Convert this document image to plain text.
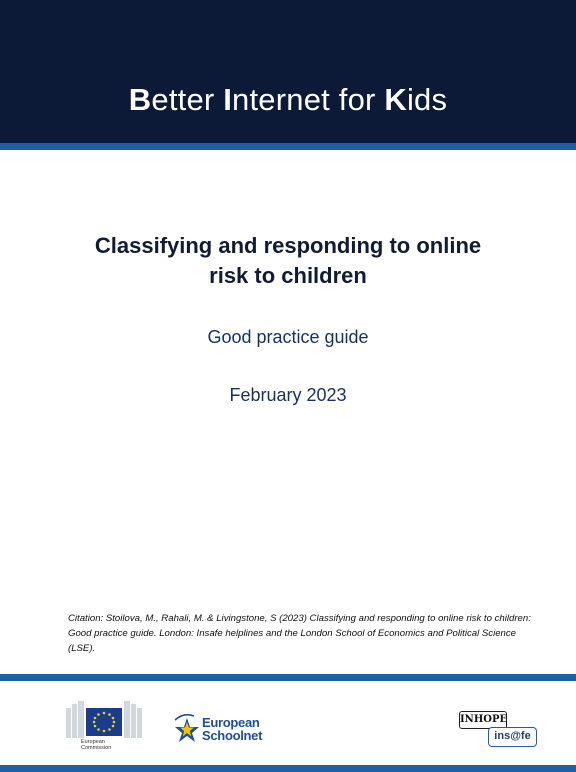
Better Internet for Kids
Classifying and responding to online
risk to children
Good practice guide
February 2023
Citation: Stoilova, M., Rahali, M. & Livingstone, S (2023) Classifying and responding to online risk to children: Good practice guide. London: Insafe helplines and the London School of Economics and Political Science (LSE).
European
Commission
European
Schoolnet
INHOPE
ins@fe
